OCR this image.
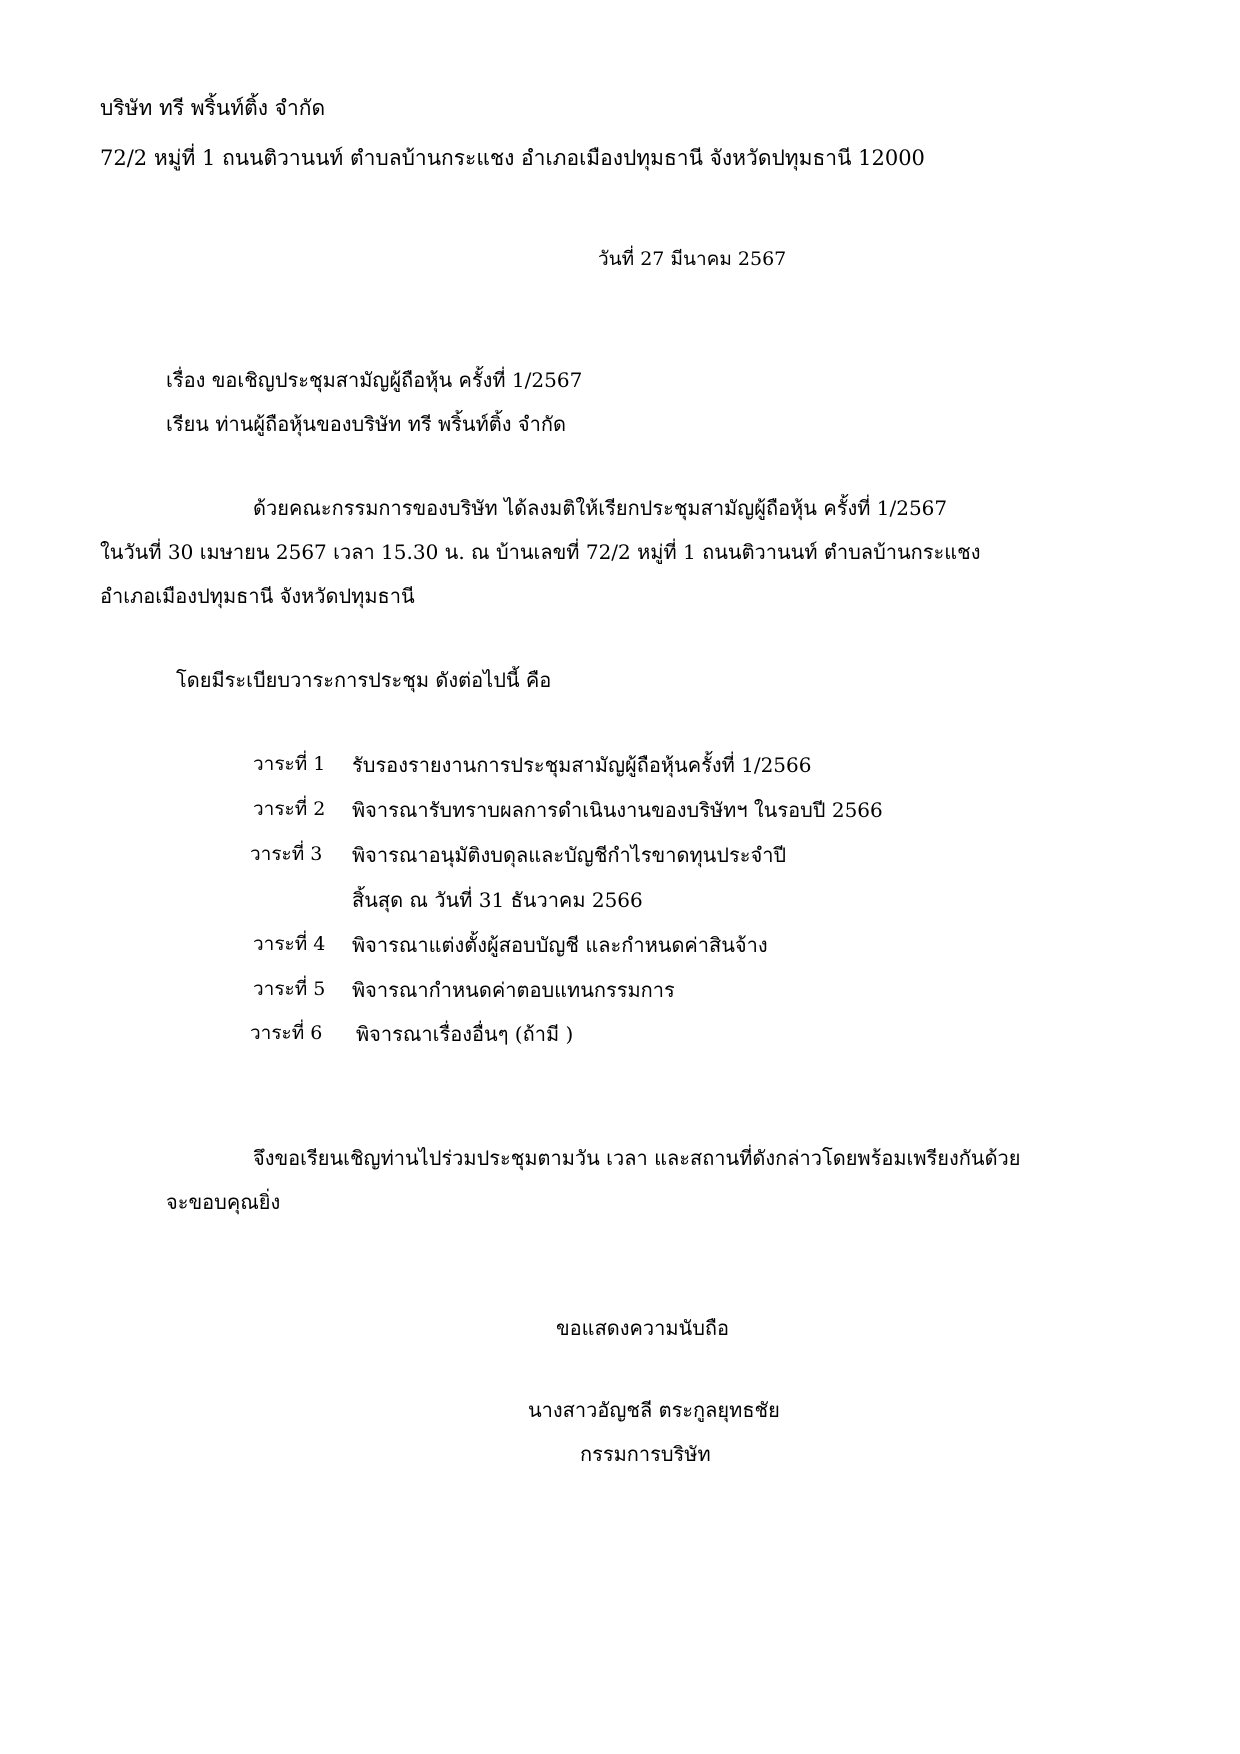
บริษัท ทรี พริ้นท์ติ้ง จำกัด
72/2 หมู่ที่ 1 ถนนติวานนท์ ตำบลบ้านกระแชง อำเภอเมืองปทุมธานี จังหวัดปทุมธานี 12000
วันที่ 27 มีนาคม 2567
เรื่อง ขอเชิญประชุมสามัญผู้ถือหุ้น ครั้งที่ 1/2567
เรียน ท่านผู้ถือหุ้นของบริษัท ทรี พริ้นท์ติ้ง จำกัด
ด้วยคณะกรรมการของบริษัท ได้ลงมติให้เรียกประชุมสามัญผู้ถือหุ้น ครั้งที่ 1/2567
ในวันที่ 30 เมษายน 2567 เวลา 15.30 น. ณ บ้านเลขที่ 72/2 หมู่ที่ 1 ถนนติวานนท์ ตำบลบ้านกระแชง
อำเภอเมืองปทุมธานี จังหวัดปทุมธานี
โดยมีระเบียบวาระการประชุม ดังต่อไปนี้ คือ
วาระที่ 1 รับรองรายงานการประชุมสามัญผู้ถือหุ้นครั้งที่ 1/2566
วาระที่ 2 พิจารณารับทราบผลการดำเนินงานของบริษัทฯ ในรอบปี 2566
วาระที่ 3 พิจารณาอนุมัติงบดุลและบัญชีกำไรขาดทุนประจำปี
สิ้นสุด ณ วันที่ 31 ธันวาคม 2566
วาระที่ 4 พิจารณาแต่งตั้งผู้สอบบัญชี และกำหนดค่าสินจ้าง
วาระที่ 5 พิจารณากำหนดค่าตอบแทนกรรมการ
วาระที่ 6 พิจารณาเรื่องอื่นๆ (ถ้ามี )
จึงขอเรียนเชิญท่านไปร่วมประชุมตามวัน เวลา และสถานที่ดังกล่าวโดยพร้อมเพรียงกันด้วย
จะขอบคุณยิ่ง
ขอแสดงความนับถือ
นางสาวอัญชลี ตระกูลยุทธชัย
กรรมการบริษัท
